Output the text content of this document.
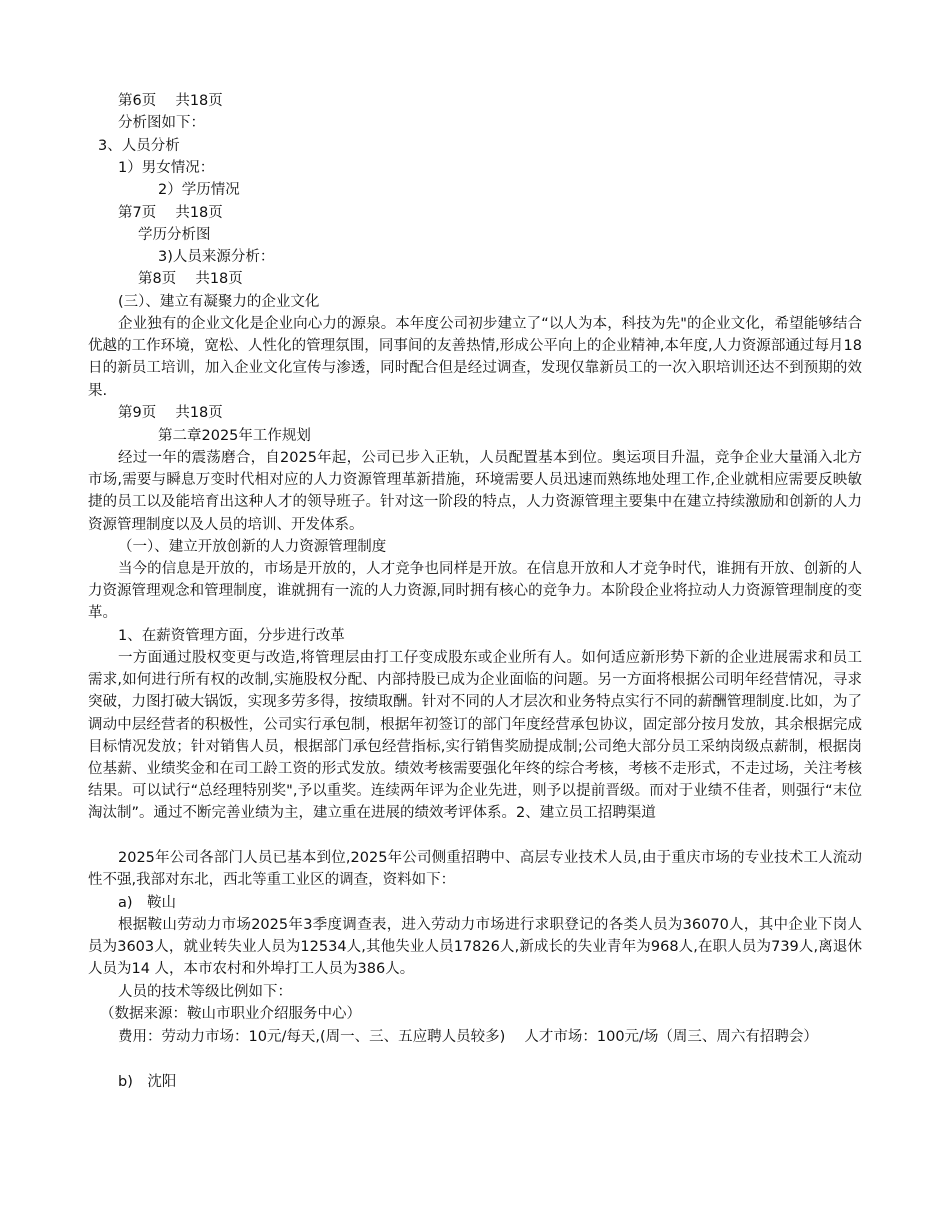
第6页　 共18页
分析图如下：
3、人员分析
1）男女情况：
2）学历情况
第7页　 共18页
学历分析图
3)人员来源分析：
第8页　 共18页
(三）、建立有凝聚力的企业文化

企业独有的企业文化是企业向心力的源泉。本年度公司初步建立了“以人为本，科技为先"的企业文化，希望能够结合优越的工作环境，宽松、人性化的管理氛围，同事间的友善热情,形成公平向上的企业精神,本年度,人力资源部通过每月18日的新员工培训，加入企业文化宣传与渗透，同时配合但是经过调查，发现仅靠新员工的一次入职培训还达不到预期的效果.

第9页　 共18页
第二章2025年工作规划

经过一年的震荡磨合，自2025年起，公司已步入正轨，人员配置基本到位。奥运项目升温，竞争企业大量涌入北方市场,需要与瞬息万变时代相对应的人力资源管理革新措施，环境需要人员迅速而熟练地处理工作,企业就相应需要反映敏捷的员工以及能培育出这种人才的领导班子。针对这一阶段的特点，人力资源管理主要集中在建立持续激励和创新的人力资源管理制度以及人员的培训、开发体系。

（一）、建立开放创新的人力资源管理制度

当今的信息是开放的，市场是开放的，人才竞争也同样是开放。在信息开放和人才竞争时代，谁拥有开放、创新的人力资源管理观念和管理制度，谁就拥有一流的人力资源,同时拥有核心的竞争力。本阶段企业将拉动人力资源管理制度的变革。

1、在薪资管理方面，分步进行改革

一方面通过股权变更与改造,将管理层由打工仔变成股东或企业所有人。如何适应新形势下新的企业进展需求和员工需求,如何进行所有权的改制,实施股权分配、内部持股已成为企业面临的问题。另一方面将根据公司明年经营情况，寻求突破，力图打破大锅饭，实现多劳多得，按绩取酬。针对不同的人才层次和业务特点实行不同的薪酬管理制度.比如，为了调动中层经营者的积极性，公司实行承包制，根据年初签订的部门年度经营承包协议，固定部分按月发放，其余根据完成目标情况发放；针对销售人员，根据部门承包经营指标,实行销售奖励提成制;公司绝大部分员工采纳岗级点薪制，根据岗位基薪、业绩奖金和在司工龄工资的形式发放。绩效考核需要强化年终的综合考核，考核不走形式，不走过场，关注考核结果。可以试行“总经理特别奖",予以重奖。连续两年评为企业先进，则予以提前晋级。而对于业绩不佳者，则强行“末位淘汰制”。通过不断完善业绩为主，建立重在进展的绩效考评体系。2、建立员工招聘渠道

2025年公司各部门人员已基本到位,2025年公司侧重招聘中、高层专业技术人员,由于重庆市场的专业技术工人流动性不强,我部对东北，西北等重工业区的调查，资料如下：

a)　鞍山

根据鞍山劳动力市场2025年3季度调查表，进入劳动力市场进行求职登记的各类人员为36070人，其中企业下岗人员为3603人，就业转失业人员为12534人,其他失业人员17826人,新成长的失业青年为968人,在职人员为739人,离退休人员为14 人，本市农村和外埠打工人员为386人。

人员的技术等级比例如下：
（数据来源：鞍山市职业介绍服务中心）

费用：劳动力市场：10元/每天,(周一、三、五应聘人员较多)　 人才市场：100元/场（周三、周六有招聘会）

b)　沈阳
